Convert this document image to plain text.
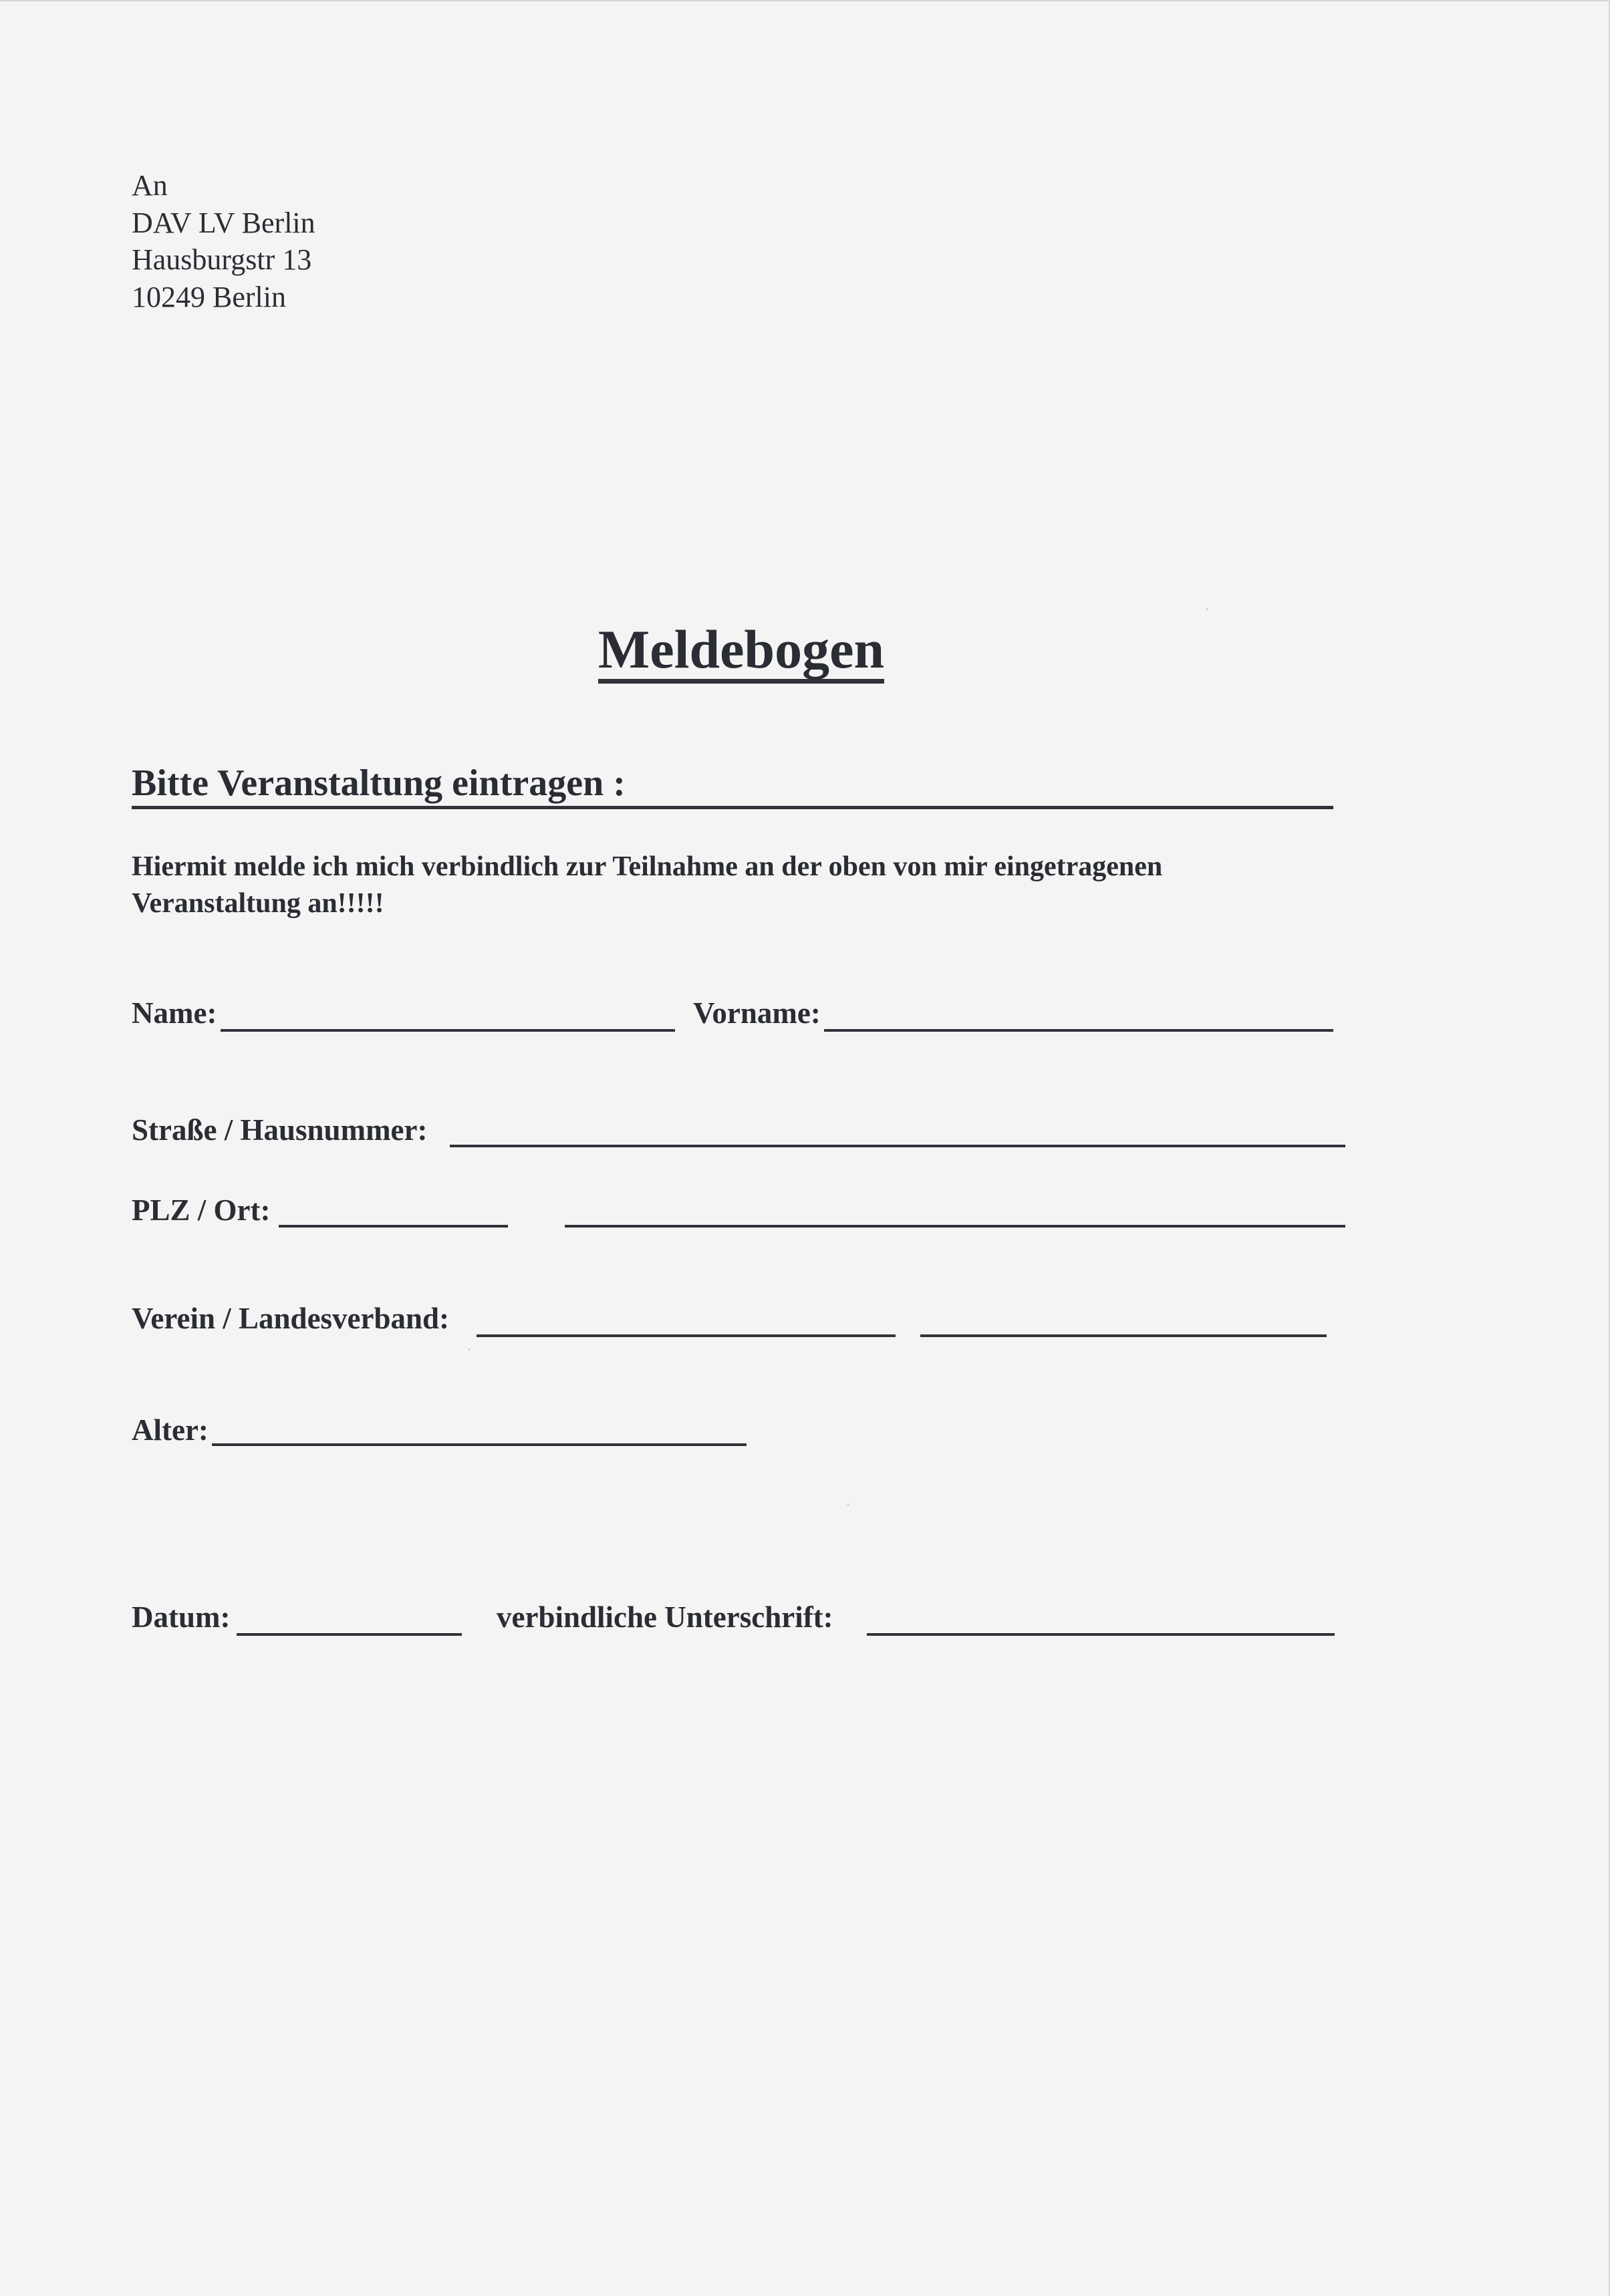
An
DAV LV Berlin
Hausburgstr 13
10249 Berlin
Meldebogen
Bitte Veranstaltung eintragen :
Hiermit melde ich mich verbindlich zur Teilnahme an der oben von mir eingetragenen
Veranstaltung an!!!!!
Name:	Vorname:
Straße / Hausnummer:
PLZ / Ort:
Verein / Landesverband:
Alter:
Datum:	verbindliche Unterschrift:
